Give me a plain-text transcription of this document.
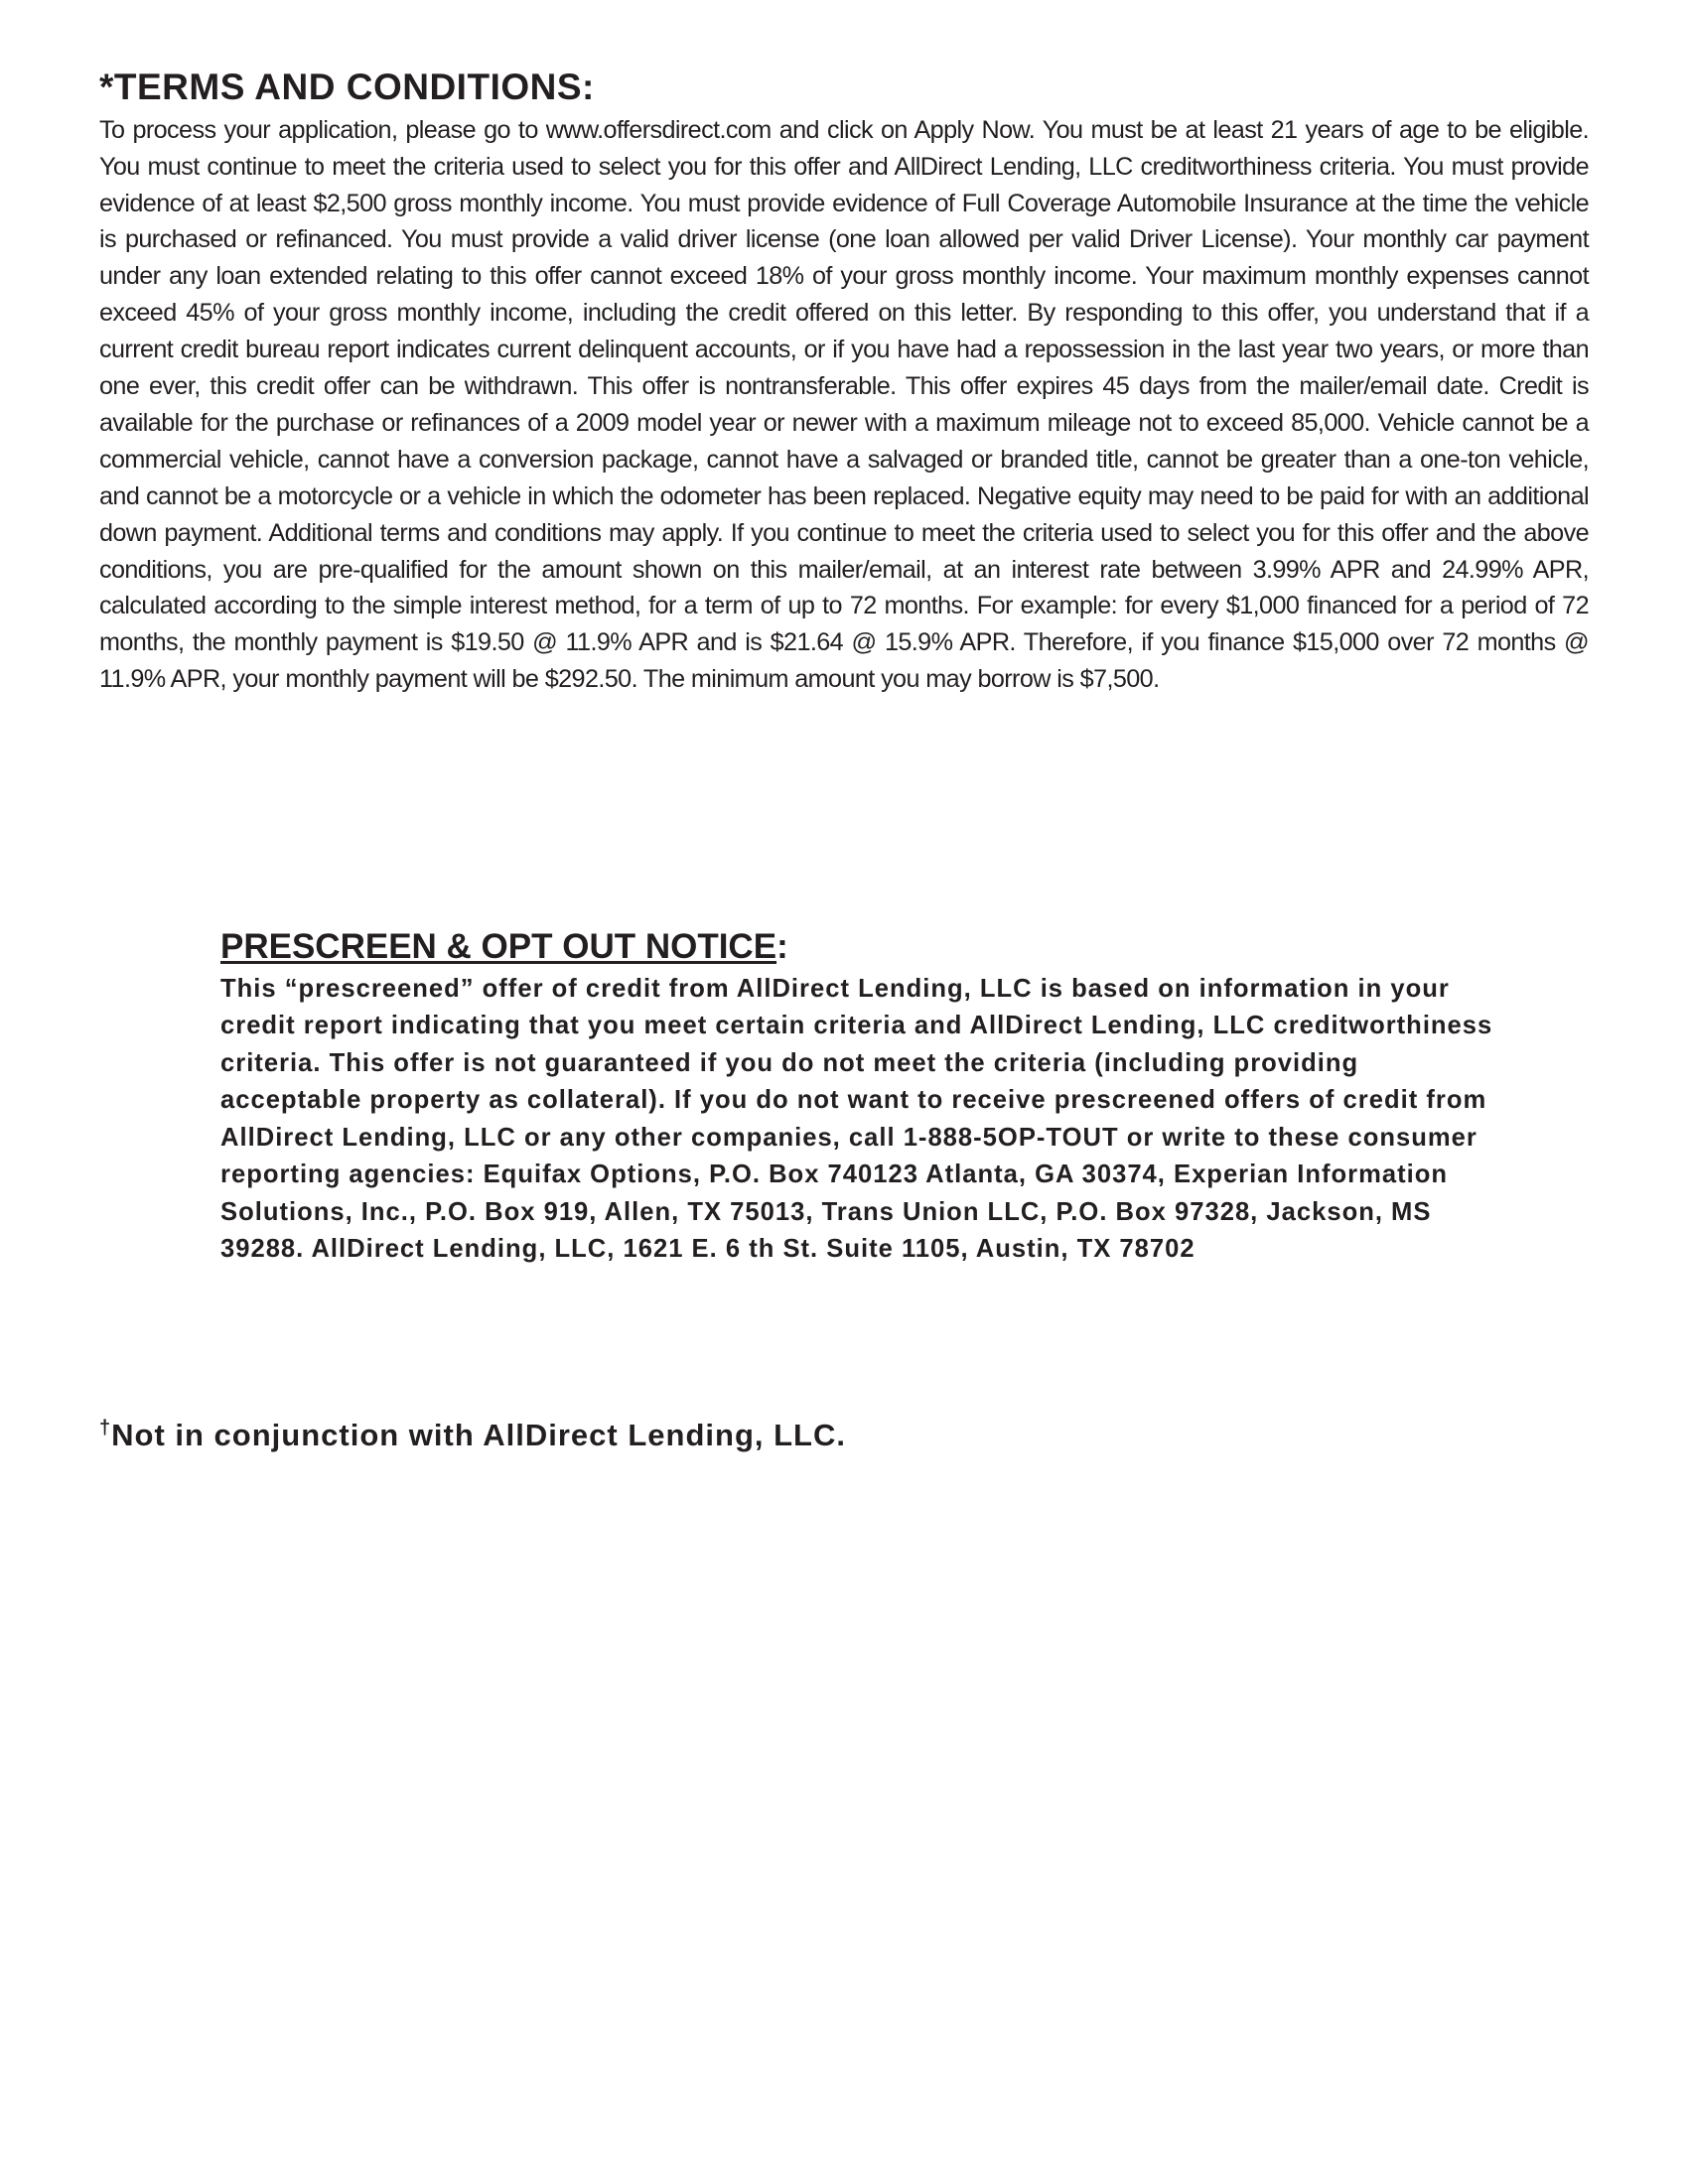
*TERMS AND CONDITIONS:

To process your application, please go to www.offersdirect.com and click on Apply Now. You must be at least 21 years of age to be eligible. You must continue to meet the criteria used to select you for this offer and AllDirect Lending, LLC creditworthiness criteria. You must provide evidence of at least $2,500 gross monthly income. You must provide evidence of Full Coverage Automobile Insurance at the time the vehicle is purchased or refinanced. You must provide a valid driver license (one loan allowed per valid Driver License). Your monthly car payment under any loan extended relating to this offer cannot exceed 18% of your gross monthly income. Your maximum monthly expenses cannot exceed 45% of your gross monthly income, including the credit offered on this letter. By responding to this offer, you understand that if a current credit bureau report indicates current delinquent accounts, or if you have had a repossession in the last year two years, or more than one ever, this credit offer can be withdrawn. This offer is nontransferable. This offer expires 45 days from the mailer/email date. Credit is available for the purchase or refinances of a 2009 model year or newer with a maximum mileage not to exceed 85,000. Vehicle cannot be a commercial vehicle, cannot have a conversion package, cannot have a salvaged or branded title, cannot be greater than a one-ton vehicle, and cannot be a motorcycle or a vehicle in which the odometer has been replaced. Negative equity may need to be paid for with an additional down payment. Additional terms and conditions may apply. If you continue to meet the criteria used to select you for this offer and the above conditions, you are pre-qualified for the amount shown on this mailer/email, at an interest rate between 3.99% APR and 24.99% APR, calculated according to the simple interest method, for a term of up to 72 months. For example: for every $1,000 financed for a period of 72 months, the monthly payment is $19.50 @ 11.9% APR and is $21.64 @ 15.9% APR. Therefore, if you finance $15,000 over 72 months @ 11.9% APR, your monthly payment will be $292.50. The minimum amount you may borrow is $7,500.

PRESCREEN & OPT OUT NOTICE:

This “prescreened” offer of credit from AllDirect Lending, LLC is based on information in your credit report indicating that you meet certain criteria and AllDirect Lending, LLC creditworthiness criteria. This offer is not guaranteed if you do not meet the criteria (including providing acceptable property as collateral). If you do not want to receive prescreened offers of credit from AllDirect Lending, LLC or any other companies, call 1-888-5OP-TOUT or write to these consumer reporting agencies: Equifax Options, P.O. Box 740123 Atlanta, GA 30374, Experian Information Solutions, Inc., P.O. Box 919, Allen, TX 75013, Trans Union LLC, P.O. Box 97328, Jackson, MS 39288. AllDirect Lending, LLC, 1621 E. 6 th St. Suite 1105, Austin, TX 78702

†Not in conjunction with AllDirect Lending, LLC.
